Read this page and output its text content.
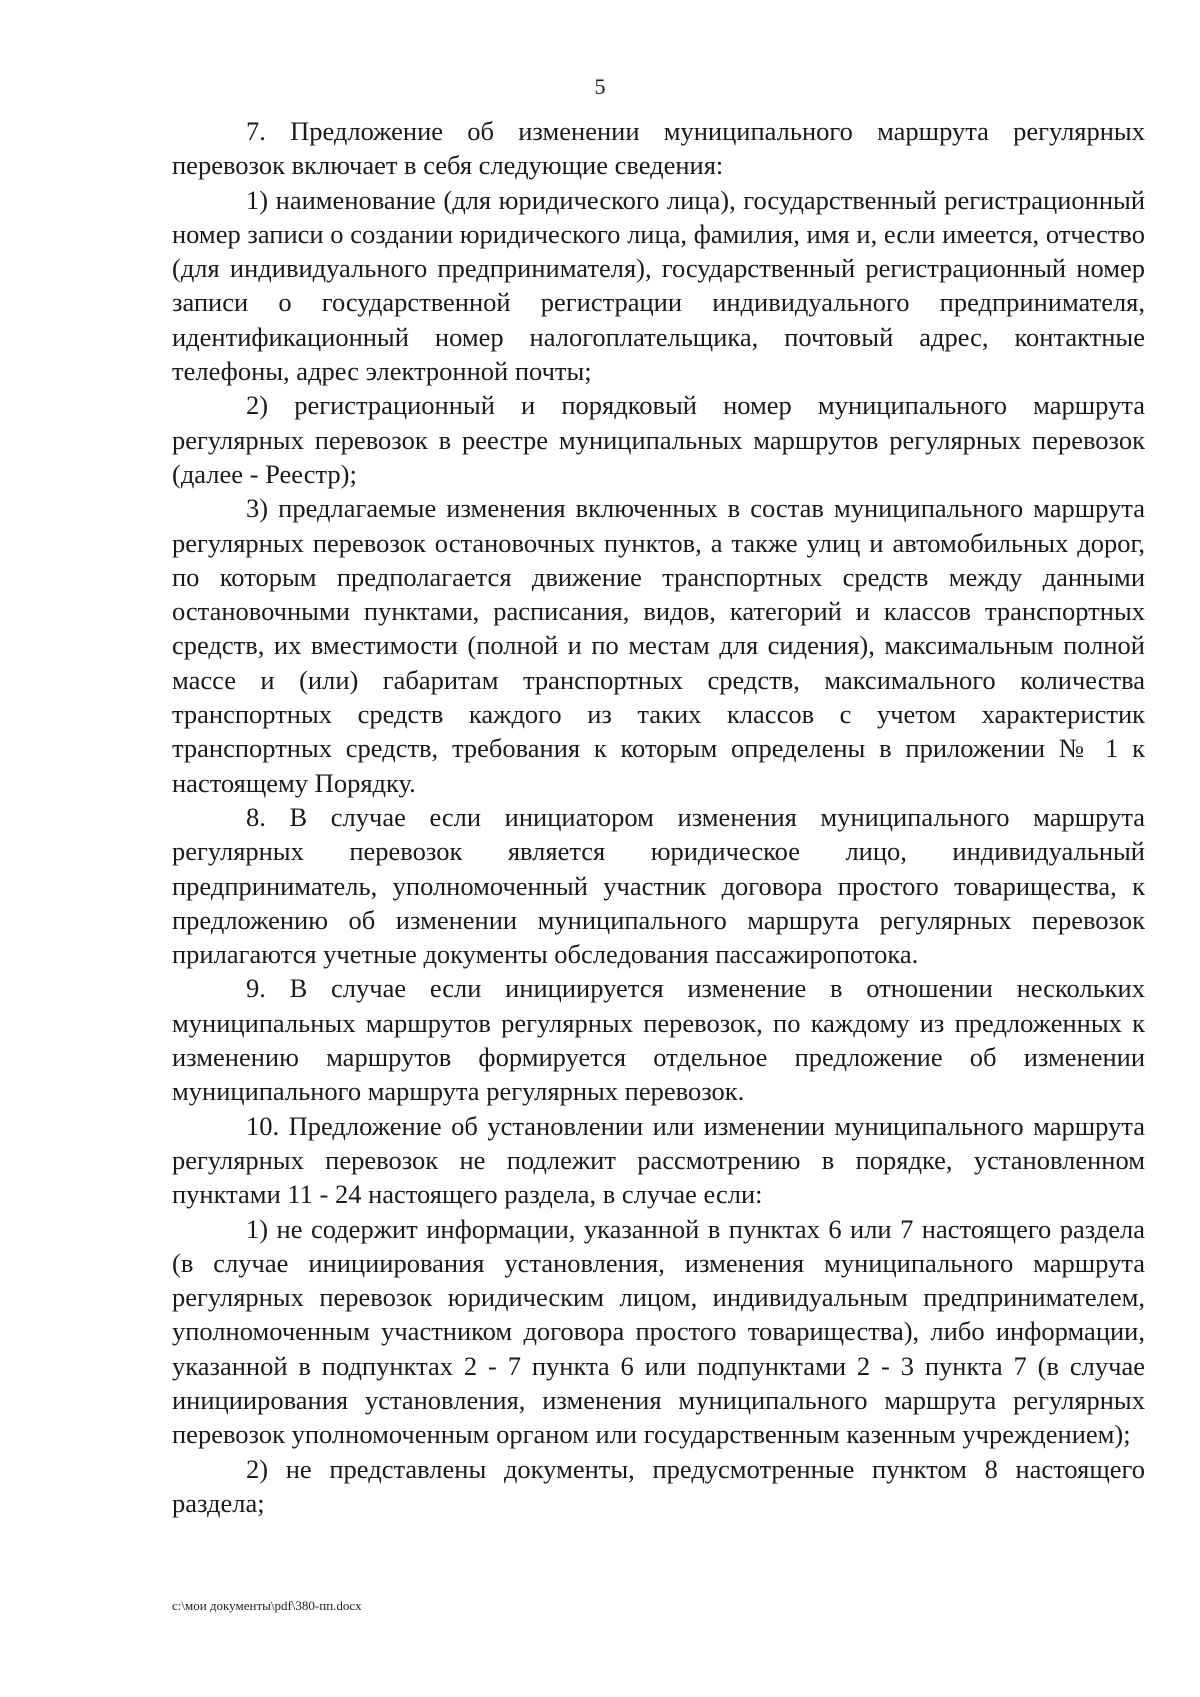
5

7. Предложение об изменении муниципального маршрута регулярных перевозок включает в себя следующие сведения:

1) наименование (для юридического лица), государственный регистрационный номер записи о создании юридического лица, фамилия, имя и, если имеется, отчество (для индивидуального предпринимателя), государственный регистрационный номер записи о государственной регистрации индивидуального предпринимателя, идентификационный номер налогоплательщика, почтовый адрес, контактные телефоны, адрес электронной почты;

2) регистрационный и порядковый номер муниципального маршрута регулярных перевозок в реестре муниципальных маршрутов регулярных перевозок (далее - Реестр);

3) предлагаемые изменения включенных в состав муниципального маршрута регулярных перевозок остановочных пунктов, а также улиц и автомобильных дорог, по которым предполагается движение транспортных средств между данными остановочными пунктами, расписания, видов, категорий и классов транспортных средств, их вместимости (полной и по местам для сидения), максимальным полной массе и (или) габаритам транспортных средств, максимального количества транспортных средств каждого из таких классов с учетом характеристик транспортных средств, требования к которым определены в приложении № 1 к настоящему Порядку.

8. В случае если инициатором изменения муниципального маршрута регулярных перевозок является юридическое лицо, индивидуальный предприниматель, уполномоченный участник договора простого товарищества, к предложению об изменении муниципального маршрута регулярных перевозок прилагаются учетные документы обследования пассажиропотока.

9. В случае если инициируется изменение в отношении нескольких муниципальных маршрутов регулярных перевозок, по каждому из предложенных к изменению маршрутов формируется отдельное предложение об изменении муниципального маршрута регулярных перевозок.

10. Предложение об установлении или изменении муниципального маршрута регулярных перевозок не подлежит рассмотрению в порядке, установленном пунктами 11 - 24 настоящего раздела, в случае если:

1) не содержит информации, указанной в пунктах 6 или 7 настоящего раздела (в случае инициирования установления, изменения муниципального маршрута регулярных перевозок юридическим лицом, индивидуальным предпринимателем, уполномоченным участником договора простого товарищества), либо информации, указанной в подпунктах 2 - 7 пункта 6 или подпунктами 2 - 3 пункта 7 (в случае инициирования установления, изменения муниципального маршрута регулярных перевозок уполномоченным органом или государственным казенным учреждением);

2) не представлены документы, предусмотренные пунктом 8 настоящего раздела;

c:\мои документы\pdf\380-пп.docx
